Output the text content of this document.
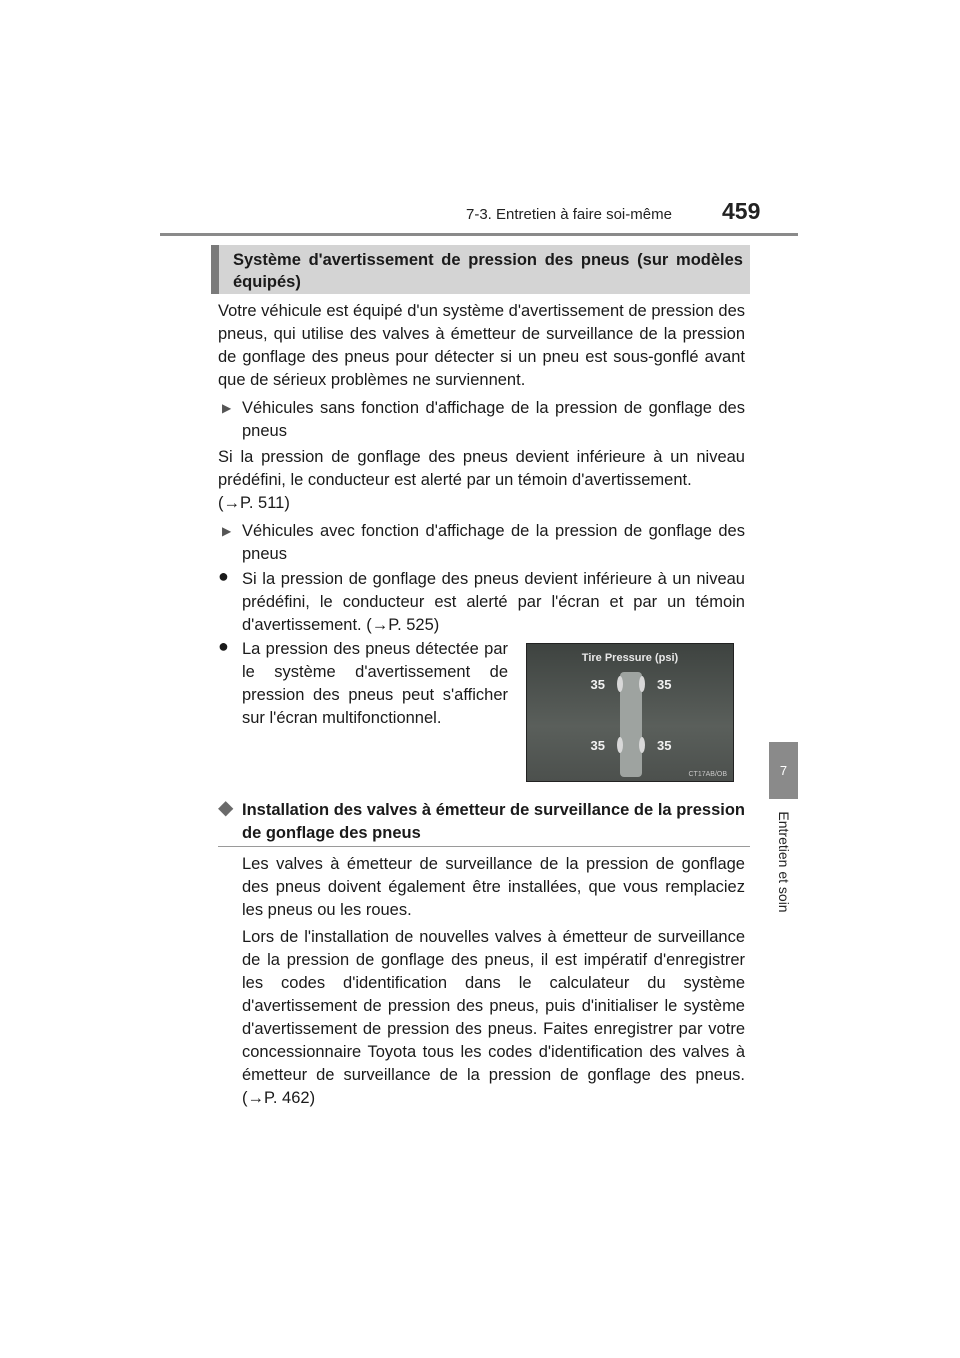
7-3. Entretien à faire soi-même 459
7
Entretien et soin
Système d'avertissement de pression des pneus (sur modèles équipés)
Votre véhicule est équipé d'un système d'avertissement de pression des pneus, qui utilise des valves à émetteur de surveillance de la pression de gonflage des pneus pour détecter si un pneu est sous-gonflé avant que de sérieux problèmes ne surviennent.
▶ Véhicules sans fonction d'affichage de la pression de gonflage des pneus
Si la pression de gonflage des pneus devient inférieure à un niveau prédéfini, le conducteur est alerté par un témoin d'avertissement.
(→P. 511)
▶ Véhicules avec fonction d'affichage de la pression de gonflage des pneus
● Si la pression de gonflage des pneus devient inférieure à un niveau prédéfini, le conducteur est alerté par l'écran et par un témoin d'avertissement. (→P. 525)
● La pression des pneus détectée par le système d'avertissement de pression des pneus peut s'afficher sur l'écran multifonctionnel.
Tire Pressure (psi)
35	35
35	35
CT17AB/OB
◆ Installation des valves à émetteur de surveillance de la pression de gonflage des pneus
Les valves à émetteur de surveillance de la pression de gonflage des pneus doivent également être installées, que vous remplaciez les pneus ou les roues.
Lors de l'installation de nouvelles valves à émetteur de surveillance de la pression de gonflage des pneus, il est impératif d'enregistrer les codes d'identification dans le calculateur du système d'avertissement de pression des pneus, puis d'initialiser le système d'avertissement de pression des pneus. Faites enregistrer par votre concessionnaire Toyota tous les codes d'identification des valves à émetteur de surveillance de la pression de gonflage des pneus. (→P. 462)
